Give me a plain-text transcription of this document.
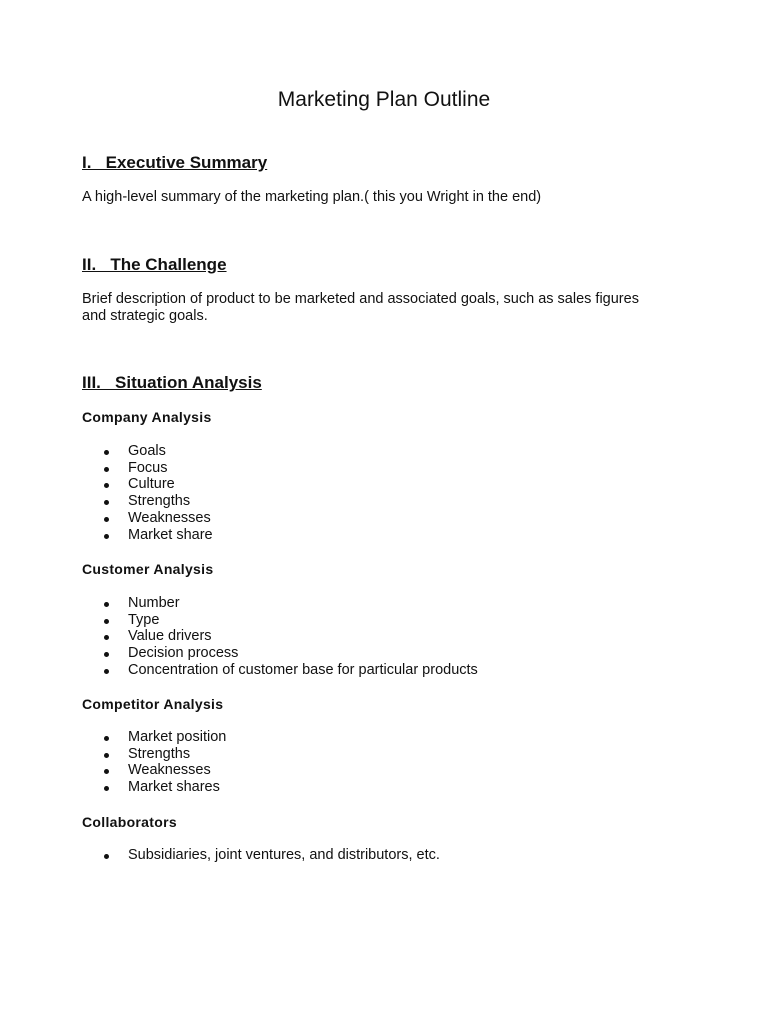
Marketing Plan Outline
I.   Executive Summary

A high-level summary of the marketing plan.( this you Wright in the end)

II.   The Challenge

Brief description of product to be marketed and associated goals, such as sales figures and strategic goals.

III.   Situation Analysis
Company Analysis
Goals
Focus
Culture
Strengths
Weaknesses
Market share
Customer Analysis
Number
Type
Value drivers
Decision process
Concentration of customer base for particular products
Competitor Analysis
Market position
Strengths
Weaknesses
Market shares
Collaborators
Subsidiaries, joint ventures, and distributors, etc.
